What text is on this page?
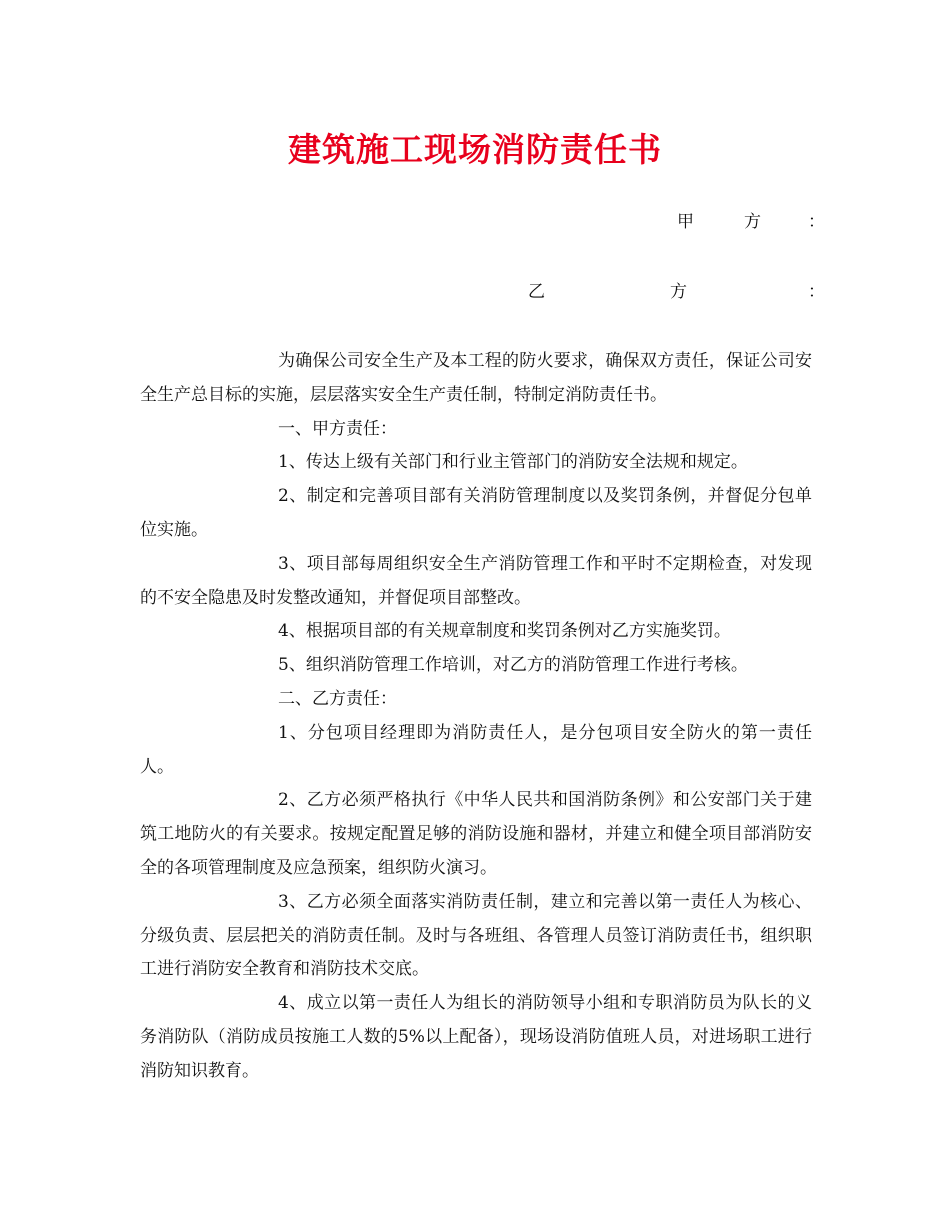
建筑施工现场消防责任书
甲	方	：
乙	方	：

为确保公司安全生产及本工程的防火要求，确保双方责任，保证公司安全生产总目标的实施，层层落实安全生产责任制，特制定消防责任书。

一、甲方责任：

1、传达上级有关部门和行业主管部门的消防安全法规和规定。

2、制定和完善项目部有关消防管理制度以及奖罚条例，并督促分包单位实施。

3、项目部每周组织安全生产消防管理工作和平时不定期检查，对发现的不安全隐患及时发整改通知，并督促项目部整改。

4、根据项目部的有关规章制度和奖罚条例对乙方实施奖罚。

5、组织消防管理工作培训，对乙方的消防管理工作进行考核。

二、乙方责任：

1、分包项目经理即为消防责任人，是分包项目安全防火的第一责任人。

2、乙方必须严格执行《中华人民共和国消防条例》和公安部门关于建筑工地防火的有关要求。按规定配置足够的消防设施和器材，并建立和健全项目部消防安全的各项管理制度及应急预案，组织防火演习。

3、乙方必须全面落实消防责任制，建立和完善以第一责任人为核心、分级负责、层层把关的消防责任制。及时与各班组、各管理人员签订消防责任书，组织职工进行消防安全教育和消防技术交底。

4、成立以第一责任人为组长的消防领导小组和专职消防员为队长的义务消防队（消防成员按施工人数的5%以上配备），现场设消防值班人员，对进场职工进行消防知识教育。
